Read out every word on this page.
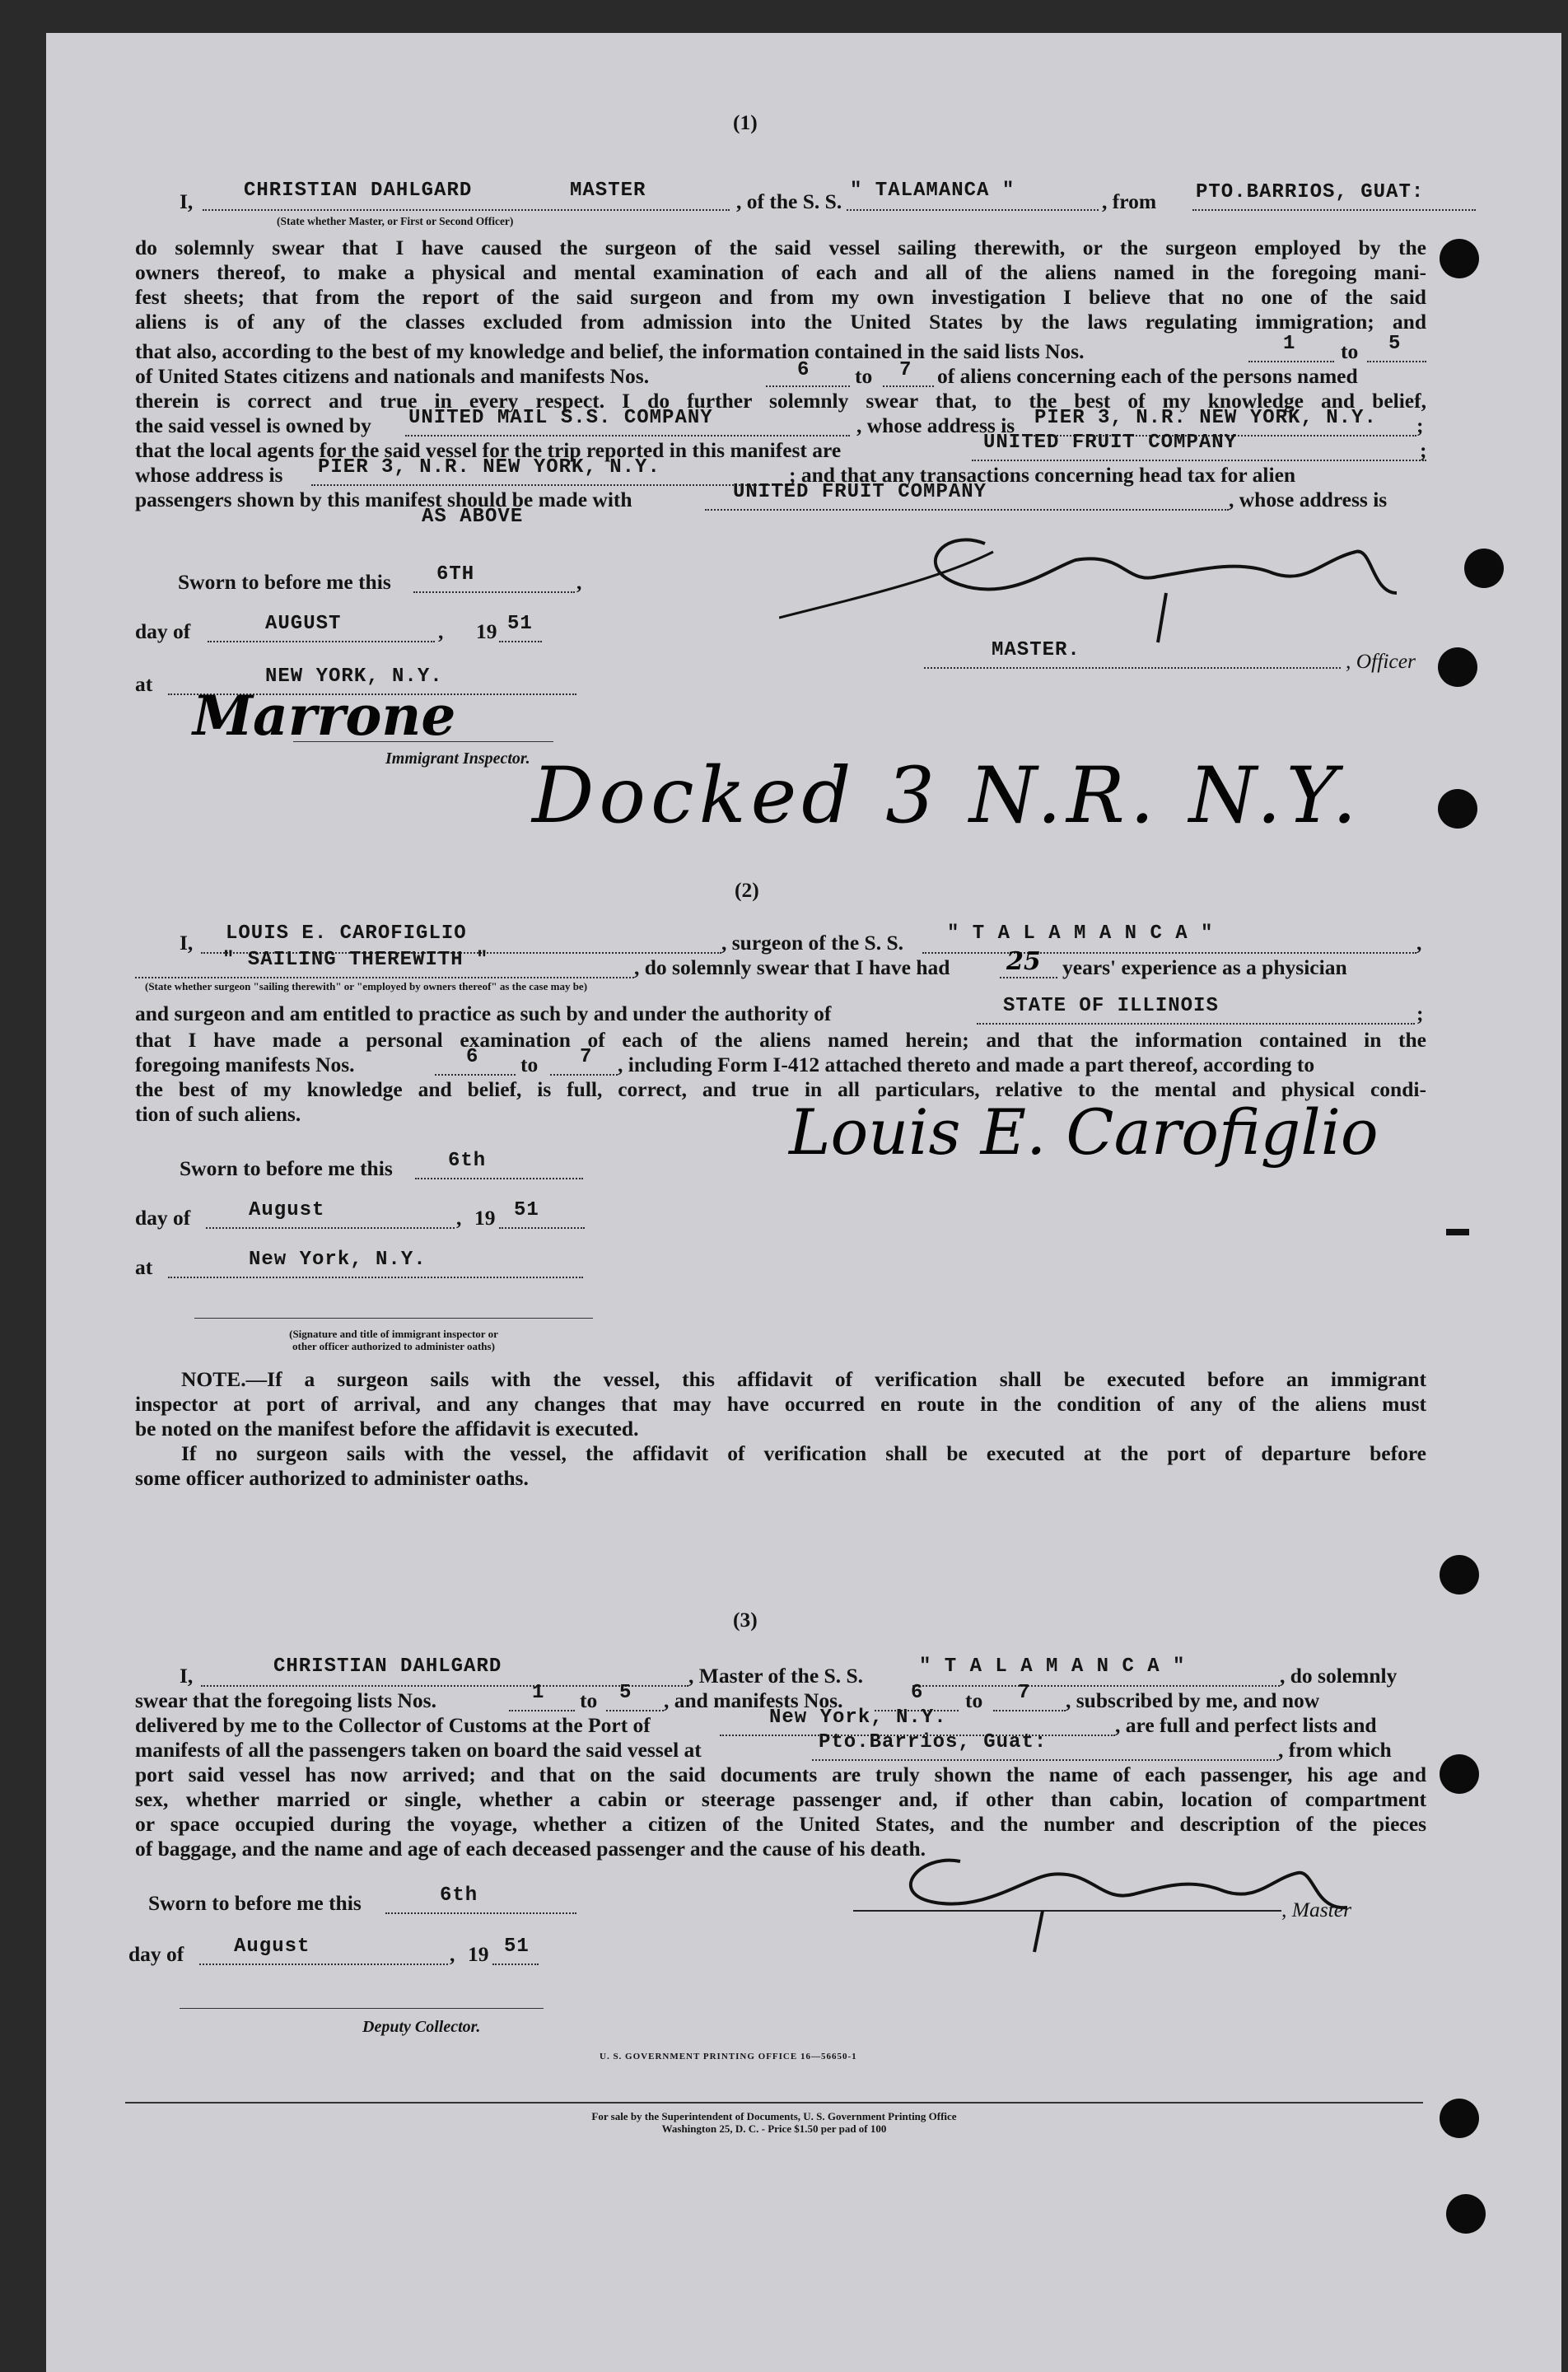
(1)
I,	CHRISTIAN DAHLGARD	MASTER	, of the S. S. " TALAMANCA "	, from PTO.BARRIOS, GUAT:
(State whether Master, or First or Second Officer)

do solemnly swear that I have caused the surgeon of the said vessel sailing therewith, or the surgeon employed by the

owners thereof, to make a physical and mental examination of each and all of the aliens named in the foregoing mani-

fest sheets; that from the report of the said surgeon and from my own investigation I believe that no one of the said

aliens is of any of the classes excluded from admission into the United States by the laws regulating immigration; and

that also, according to the best of my knowledge and belief, the information contained in the said lists Nos.	1 to 5
of United States citizens and nationals and manifests Nos.	6 to 7 of aliens concerning each of the persons named

therein is correct and true in every respect. I do further solemnly swear that, to the best of my knowledge and belief,

the said vessel is owned by UNITED MAIL S.S. COMPANY	, whose address is PIER 3, N.R. NEW YORK, N.Y. ;
that the local agents for the said vessel for the trip reported in this manifest are	UNITED FRUIT COMPANY	;
whose address is PIER 3, N.R. NEW YORK, N.Y.	; and that any transactions concerning head tax for alien
passengers shown by this manifest should be made with	UNITED FRUIT COMPANY	, whose address is
AS ABOVE
Sworn to before me this 6TH	,
day of	AUGUST	, 19 51
at	NEW YORK, N.Y.
MASTER.	, Officer
Marrone
Immigrant Inspector. Docked 3 N.R. N.Y.
(2)
I, LOUIS E. CAROFIGLIO	, surgeon of the S. S. " T A L A M A N C A "	,
" SAILING THEREWITH "	, do solemnly swear that I have had 25 years' experience as a physician
(State whether surgeon "sailing therewith" or "employed by owners thereof" as the case may be)
and surgeon and am entitled to practice as such by and under the authority of	STATE OF ILLINOIS	;

that I have made a personal examination of each of the aliens named herein; and that the information contained in the

foregoing manifests Nos.	6 to 7 , including Form I-412 attached thereto and made a part thereof, according to

the best of my knowledge and belief, is full, correct, and true in all particulars, relative to the mental and physical condi-

tion of such aliens.
Sworn to before me this	6th
day of	August	, 19 51
at	New York, N.Y.
Louis E. Carofiglio
(Signature and title of immigrant inspector or
other officer authorized to administer oaths)

NOTE.—If a surgeon sails with the vessel, this affidavit of verification shall be executed before an immigrant

inspector at port of arrival, and any changes that may have occurred en route in the condition of any of the aliens must

be noted on the manifest before the affidavit is executed.

If no surgeon sails with the vessel, the affidavit of verification shall be executed at the port of departure before

some officer authorized to administer oaths.

(3)
I,	CHRISTIAN DAHLGARD	, Master of the S. S.	" T A L A M A N C A "	, do solemnly
swear that the foregoing lists Nos.	1 to 5 , and manifests Nos.	6 to 7 , subscribed by me, and now
delivered by me to the Collector of Customs at the Port of	New York, N.Y.	, are full and perfect lists and
manifests of all the passengers taken on board the said vessel at	Pto.Barrios, Guat:	, from which

port said vessel has now arrived; and that on the said documents are truly shown the name of each passenger, his age and

sex, whether married or single, whether a cabin or steerage passenger and, if other than cabin, location of compartment

or space occupied during the voyage, whether a citizen of the United States, and the number and description of the pieces

of baggage, and the name and age of each deceased passenger and the cause of his death.

Sworn to before me this	6th
day of	August	, 19 51
, Master
Deputy Collector.
U. S. GOVERNMENT PRINTING OFFICE 16—56650-1
For sale by the Superintendent of Documents, U. S. Government Printing Office
Washington 25, D. C. - Price $1.50 per pad of 100
